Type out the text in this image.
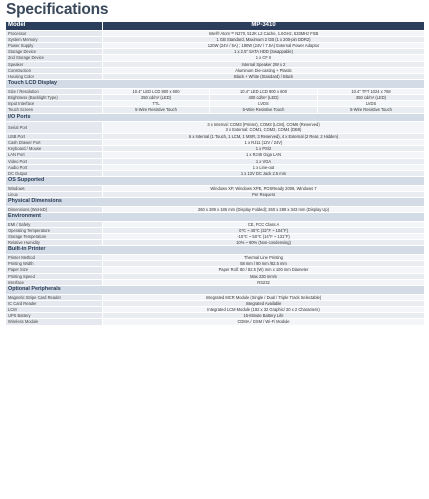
Specifications
Model	MP-3410		
Processor	Intel® Atom™ N270, 512K L2 Cache, 1.6GHz, 533MHz FSB		
System Memory	1 GB Standard, Maximum 2 GB (1 x 200-pin DDR2)		
Power Supply	120W (24V / 5A) ; 180W (24V / 7.5A) External Power Adaptor		
Storage Device	1 x 2.5" SATA HDD (Swappable)		
2nd Storage Device	1 x CF II		
Speaker	Internal Speaker 2W x 2		
Construction	Aluminum Die-casting + Plastic		
Housing Color	Black + White (Standard) / Black		
Touch LCD Display			
Size / Resolution	10.4" LED LCD 800 x 600	10.4" LED LCD 800 x 600	10.4" TFT 1024 x 768
Brightness (Backlight Type)	250 cd/m² (LED)	400 cd/m² (LED)	350 cd/m² (LED)
Input Interface	TTL	LVDS	LVDS
Touch Screen	5-Wire Resistive Touch	5-Wire Resistive Touch	5-Wire Resistive Touch
I/O Ports			
Serial Port	3 x Internal: COM3 (Printer), COM3 (LCM), COM6 (Reserved)
3 x External: COM1, COM2, COM4 (DB9)		

USB Port	6 x Internal (1 Touch, 1 LCM, 1 MSR, 3 Reserved), 4 x External (2 Rear, 2 Hidden)		
Cash Drawer Port	1 x RJ11 (12V / 24V)		
Keyboard / Mouse	1 x PS/2		
LAN Port	1 x RJ45 Giga LAN		
Video Port	1 x VGA		
Audio Port	1 x Line-out		
DC Output	1 x 12V DC Jack 2.5 mm		
OS Supported			
Windows	Windows XP, Windows XPE, POSReady 2009, Windows 7		
Linux	Per Request		
Physical Dimensions			
Dimensions (WxHxD)	260 x 289 x 185 mm (Display Folded); 260 x 289 x 343 mm (Display Up)		
Environment			
EMI / Safety	CE, FCC Class A		
Operating Temperature	0℃ ~ 40℃ (32°F ~ 104°F)		
Storage Temperature	-10℃ ~ 50℃ (14°F ~ 131°F)		
Relative Humidity	10% ~ 90% (Non-condensing)		
Built-in Printer			
Printer Method	Thermal Line Printing		
Printing Width	58 mm / 80 mm /82.5 mm		
Paper Size	Paper Roll: 80 / 82.5 (W) mm x 100 mm Diameter		
Printing Speed	Max 230 mm/s		
Interface	RS232		
Optional Peripherals			
Magnetic Stripe Card Reader	Integrated MCR Module (Single / Dual / Triple Track Selectable)		
IC Card Reader	Integrated Available		
LCM	Integrated LCM Module (192 x 32 Graphic/ 20 x 2 Characters)		
UPS Battery	15-Minute Battery Life		
Wireless Module	CDMA / GSM / Wi-Fi Module		
